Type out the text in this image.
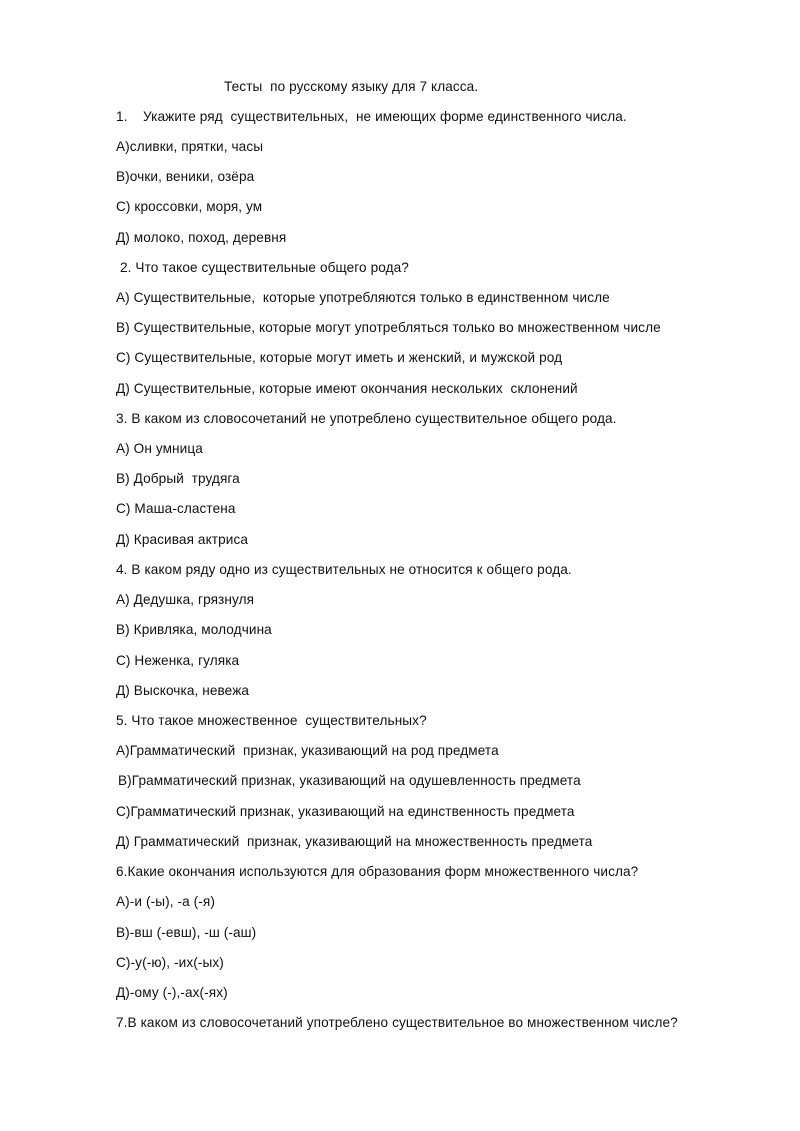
Тесты  по русскому языку для 7 класса.
1.    Укажите ряд  существительных,  не имеющих форме единственного числа.
А)сливки, прятки, часы
В)очки, веники, озёра
С) кроссовки, моря, ум
Д) молоко, поход, деревня
2. Что такое существительные общего рода?
А) Существительные,  которые употребляются только в единственном числе
В) Существительные, которые могут употребляться только во множественном числе
С) Существительные, которые могут иметь и женский, и мужской род
Д) Существительные, которые имеют окончания нескольких  склонений
3. В каком из словосочетаний не употреблено существительное общего рода.
А) Он умница
В) Добрый  трудяга
С) Маша-сластена
Д) Красивая актриса
4. В каком ряду одно из существительных не относится к общего рода.
А) Дедушка, грязнуля
В) Кривляка, молодчина
С) Неженка, гуляка
Д) Выскочка, невежа
5. Что такое множественное  существительных?
А)Грамматический  признак, указивающий на род предмета
В)Грамматический признак, указивающий на одушевленность предмета
С)Грамматический признак, указивающий на единственность предмета
Д) Грамматический  признак, указивающий на множественность предмета
6.Какие окончания используются для образования форм множественного числа?
А)-и (-ы), -а (-я)
В)-вш (-евш), -ш (-аш)
С)-у(-ю), -их(-ых)
Д)-ому (-),-ах(-ях)
7.В каком из словосочетаний употреблено существительное во множественном числе?
